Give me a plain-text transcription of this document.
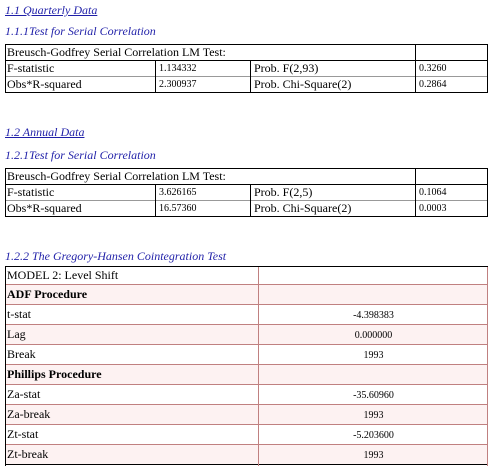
1.1 Quarterly Data
1.1.1Test for Serial Correlation
Breusch-Godfrey Serial Correlation LM Test:
F-statistic	1.134332	Prob. F(2,93)	0.3260
Obs*R-squared	2.300937	Prob. Chi-Square(2)	0.2864
1.2 Annual Data
1.2.1Test for Serial Correlation
Breusch-Godfrey Serial Correlation LM Test:
F-statistic	3.626165	Prob. F(2,5)	0.1064
Obs*R-squared	16.57360	Prob. Chi-Square(2)	0.0003
1.2.2 The Gregory-Hansen Cointegration Test
MODEL 2: Level Shift
ADF Procedure
t-stat	-4.398383
Lag	0.000000
Break	1993
Phillips Procedure
Za-stat	-35.60960
Za-break	1993
Zt-stat	-5.203600
Zt-break	1993
